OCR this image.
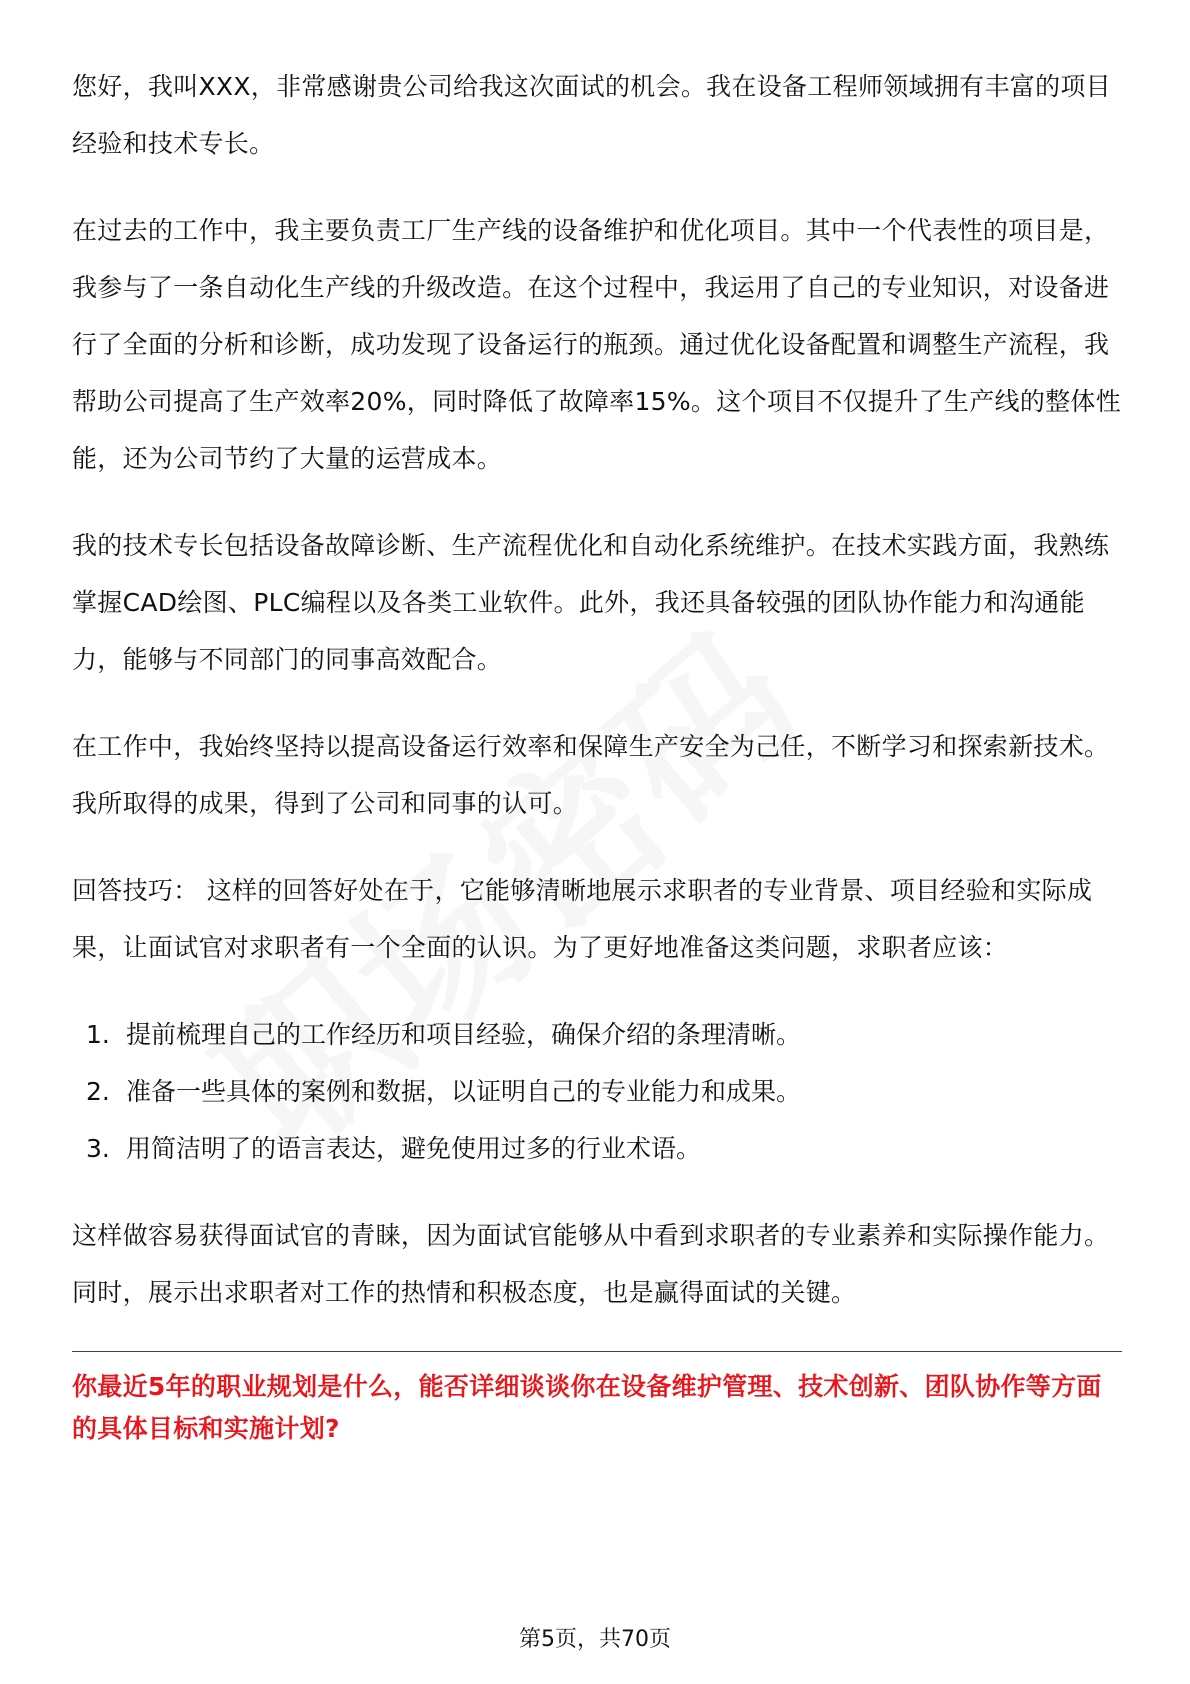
您好，我叫XXX，非常感谢贵公司给我这次面试的机会。我在设备工程师领域拥有丰富的项目经验和技术专长。

在过去的工作中，我主要负责工厂生产线的设备维护和优化项目。其中一个代表性的项目是，我参与了一条自动化生产线的升级改造。在这个过程中，我运用了自己的专业知识，对设备进行了全面的分析和诊断，成功发现了设备运行的瓶颈。通过优化设备配置和调整生产流程，我帮助公司提高了生产效率20%，同时降低了故障率15%。这个项目不仅提升了生产线的整体性能，还为公司节约了大量的运营成本。

我的技术专长包括设备故障诊断、生产流程优化和自动化系统维护。在技术实践方面，我熟练掌握CAD绘图、PLC编程以及各类工业软件。此外，我还具备较强的团队协作能力和沟通能力，能够与不同部门的同事高效配合。

在工作中，我始终坚持以提高设备运行效率和保障生产安全为己任，不断学习和探索新技术。我所取得的成果，得到了公司和同事的认可。

回答技巧： 这样的回答好处在于，它能够清晰地展示求职者的专业背景、项目经验和实际成果，让面试官对求职者有一个全面的认识。为了更好地准备这类问题，求职者应该：

1. 提前梳理自己的工作经历和项目经验，确保介绍的条理清晰。
2. 准备一些具体的案例和数据，以证明自己的专业能力和成果。
3. 用简洁明了的语言表达，避免使用过多的行业术语。

这样做容易获得面试官的青睐，因为面试官能够从中看到求职者的专业素养和实际操作能力。同时，展示出求职者对工作的热情和积极态度，也是赢得面试的关键。

你最近5年的职业规划是什么，能否详细谈谈你在设备维护管理、技术创新、团队协作等方面的具体目标和实施计划?

第5页，共70页
